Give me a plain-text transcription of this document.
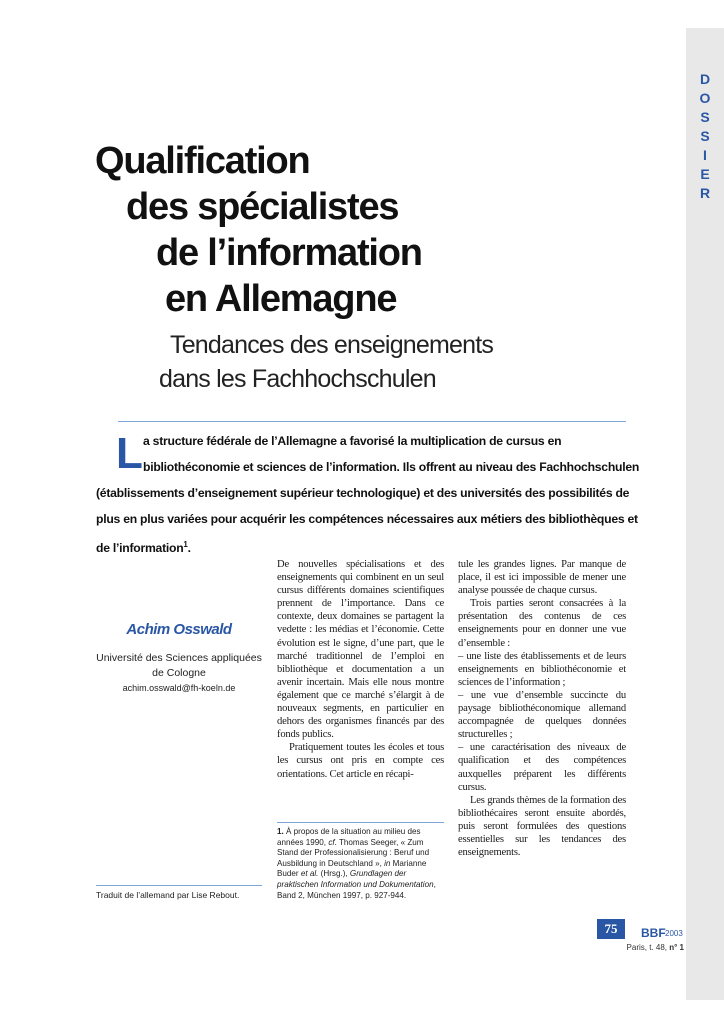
D
O
S
S
I
E
R
Qualification
des spécialistes
de l’information
en Allemagne
Tendances des enseignements
dans les Fachhochschulen
L a structure fédérale de l’Allemagne a favorisé la multiplication de cursus en
bibliothéconomie et sciences de l’information. Ils offrent au niveau des Fachhochschulen
(établissements d’enseignement supérieur technologique) et des universités des possibilités de
plus en plus variées pour acquérir les compétences nécessaires aux métiers des bibliothèques et
de l’information$^1$.
Achim Osswald
Université des Sciences appliquées
de Cologne
achim.osswald@fh-koeln.de

De nouvelles spécialisations et des enseignements qui combinent en un seul cursus différents domaines scientifiques prennent de l’importance. Dans ce contexte, deux domaines se partagent la vedette : les médias et l’économie. Cette évolution est le signe, d’une part, que le marché traditionnel de l’emploi en bibliothèque et documentation a un avenir incertain. Mais elle nous montre également que ce marché s’élargit à de nouveaux segments, en particulier en dehors des organismes financés par des fonds publics.

Pratiquement toutes les écoles et tous les cursus ont pris en compte ces orientations. Cet article en récapi-

tule les grandes lignes. Par manque de place, il est ici impossible de mener une analyse poussée de chaque cursus.

Trois parties seront consacrées à la présentation des contenus de ces enseignements pour en donner une vue d’ensemble :

– une liste des établissements et de leurs enseignements en bibliothéconomie et sciences de l’information ;

– une vue d’ensemble succincte du paysage bibliothéconomique allemand accompagnée de quelques données structurelles ;

– une caractérisation des niveaux de qualification et des compétences auxquelles préparent les différents cursus.

Les grands thèmes de la formation des bibliothécaires seront ensuite abordés, puis seront formulées des questions essentielles sur les tendances des enseignements.

1. À propos de la situation au milieu des années 1990, cf. Thomas Seeger, « Zum Stand der Professionalisierung : Beruf und Ausbildung in Deutschland », in Marianne Buder et al. (Hrsg.), Grundlagen der praktischen Information und Dokumentation, Band 2, München 1997, p. 927-944.
Traduit de l’allemand par Lise Rebout.
75	BBF 2003
Paris, t. 48, n° 1
